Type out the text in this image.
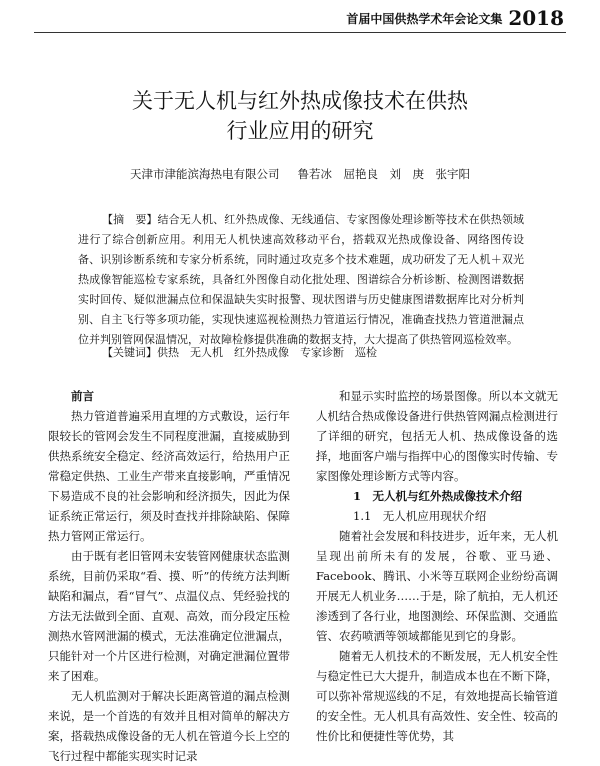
首届中国供热学术年会论文集 2018
关于无人机与红外热成像技术在供热
行业应用的研究
天津市津能滨海热电有限公司 鲁若冰　屈艳良　刘　庚　张宇阳

【摘　要】结合无人机、红外热成像、无线通信、专家图像处理诊断等技术在供热领域进行了综合创新应用。利用无人机快速高效移动平台，搭载双光热成像设备、网络图传设备、识别诊断系统和专家分析系统，同时通过攻克多个技术难题，成功研发了无人机＋双光热成像智能巡检专家系统，具备红外图像自动化批处理、图谱综合分析诊断、检测图谱数据实时回传、疑似泄漏点位和保温缺失实时报警、现状图谱与历史健康图谱数据库比对分析判别、自主飞行等多项功能，实现快速巡视检测热力管道运行情况，准确查找热力管道泄漏点位并判别管网保温情况，对故障检修提供准确的数据支持，大大提高了供热管网巡检效率。

【关键词】供热　无人机　红外热成像　专家诊断　巡检

前言

热力管道普遍采用直埋的方式敷设，运行年限较长的管网会发生不同程度泄漏，直接威胁到供热系统安全稳定、经济高效运行，给热用户正常稳定供热、工业生产带来直接影响，严重情况下易造成不良的社会影响和经济损失，因此为保证系统正常运行，须及时查找并排除缺陷、保障热力管网正常运行。

由于既有老旧管网未安装管网健康状态监测系统，目前仍采取“看、摸、听”的传统方法判断缺陷和漏点，看“冒气”、点温仪点、凭经验找的方法无法做到全面、直观、高效，而分段定压检测热水管网泄漏的模式，无法准确定位泄漏点，只能针对一个片区进行检测，对确定泄漏位置带来了困难。

无人机监测对于解决长距离管道的漏点检测来说，是一个首选的有效并且相对简单的解决方案，搭载热成像设备的无人机在管道今长上空的飞行过程中都能实现实时记录

和显示实时监控的场景图像。所以本文就无人机结合热成像设备进行供热管网漏点检测进行了详细的研究，包括无人机、热成像设备的选择，地面客户端与指挥中心的图像实时传输、专家图像处理诊断方式等内容。

1　无人机与红外热成像技术介绍

1.1　无人机应用现状介绍

随着社会发展和科技进步，近年来，无人机呈现出前所未有的发展，谷歌、亚马逊、Facebook、腾讯、小米等互联网企业纷纷高调开展无人机业务……于是，除了航拍，无人机还渗透到了各行业，地图测绘、环保监测、交通监管、农药喷洒等领域都能见到它的身影。

随着无人机技术的不断发展，无人机安全性与稳定性已大大提升，制造成本也在不断下降，可以弥补常规巡线的不足，有效地提高长输管道的安全性。无人机具有高效性、安全性、较高的性价比和便捷性等优势，其
